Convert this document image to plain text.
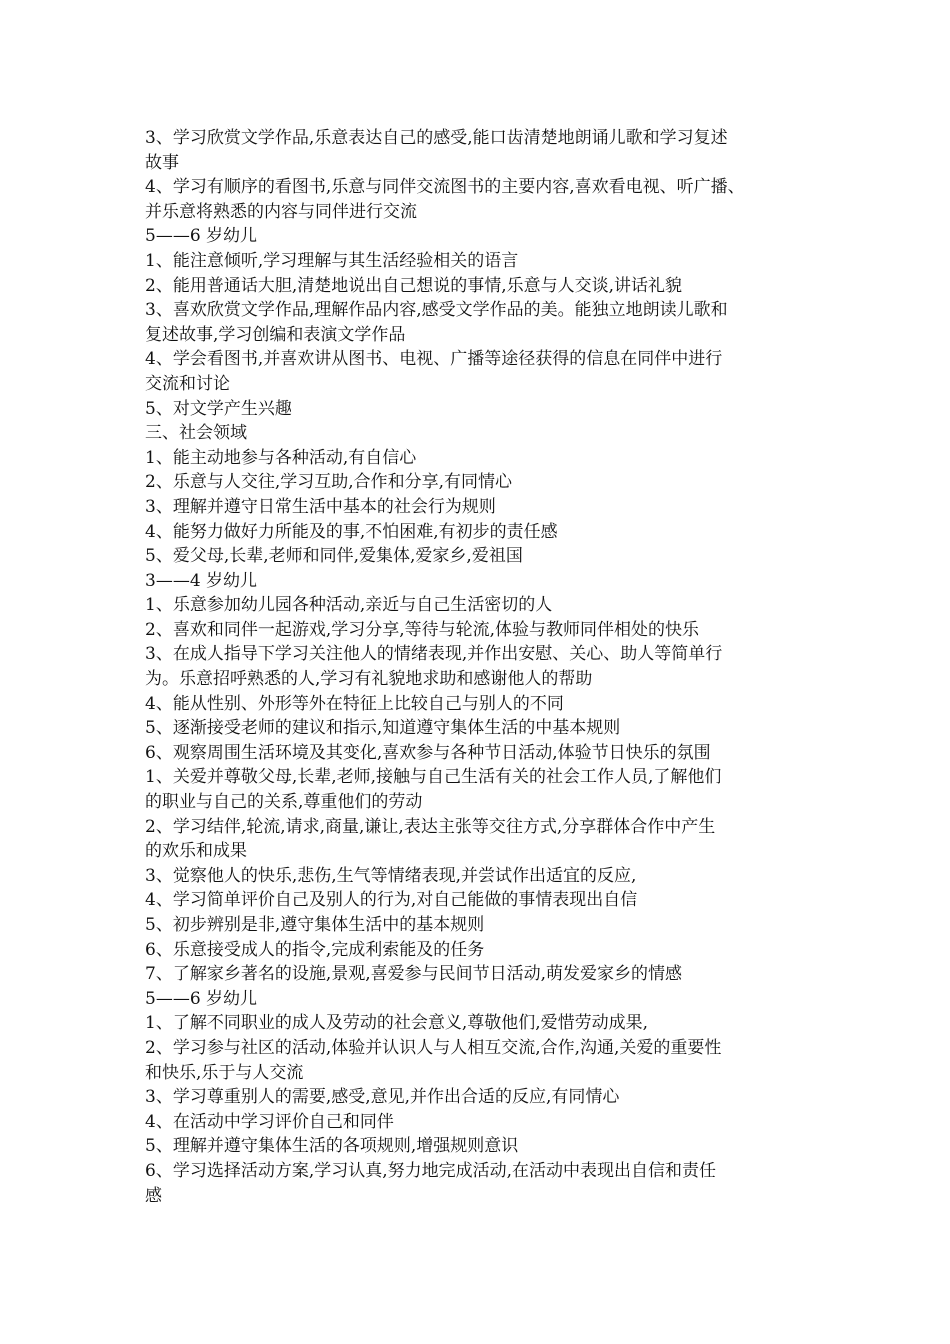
3、学习欣赏文学作品,乐意表达自己的感受,能口齿清楚地朗诵儿歌和学习复述
故事
4、学习有顺序的看图书,乐意与同伴交流图书的主要内容,喜欢看电视、听广播、
并乐意将熟悉的内容与同伴进行交流
5——6 岁幼儿
1、能注意倾听,学习理解与其生活经验相关的语言
2、能用普通话大胆,清楚地说出自己想说的事情,乐意与人交谈,讲话礼貌
3、喜欢欣赏文学作品,理解作品内容,感受文学作品的美。能独立地朗读儿歌和
复述故事,学习创编和表演文学作品
4、学会看图书,并喜欢讲从图书、电视、广播等途径获得的信息在同伴中进行
交流和讨论
5、对文学产生兴趣
三、社会领域
1、能主动地参与各种活动,有自信心
2、乐意与人交往,学习互助,合作和分享,有同情心
3、理解并遵守日常生活中基本的社会行为规则
4、能努力做好力所能及的事,不怕困难,有初步的责任感
5、爱父母,长辈,老师和同伴,爱集体,爱家乡,爱祖国
3——4 岁幼儿
1、乐意参加幼儿园各种活动,亲近与自己生活密切的人
2、喜欢和同伴一起游戏,学习分享,等待与轮流,体验与教师同伴相处的快乐
3、在成人指导下学习关注他人的情绪表现,并作出安慰、关心、助人等简单行
为。乐意招呼熟悉的人,学习有礼貌地求助和感谢他人的帮助
4、能从性别、外形等外在特征上比较自己与别人的不同
5、逐渐接受老师的建议和指示,知道遵守集体生活的中基本规则
6、观察周围生活环境及其变化,喜欢参与各种节日活动,体验节日快乐的氛围
1、关爱并尊敬父母,长辈,老师,接触与自己生活有关的社会工作人员,了解他们
的职业与自己的关系,尊重他们的劳动
2、学习结伴,轮流,请求,商量,谦让,表达主张等交往方式,分享群体合作中产生
的欢乐和成果
3、觉察他人的快乐,悲伤,生气等情绪表现,并尝试作出适宜的反应,
4、学习简单评价自己及别人的行为,对自己能做的事情表现出自信
5、初步辨别是非,遵守集体生活中的基本规则
6、乐意接受成人的指令,完成利索能及的任务
7、了解家乡著名的设施,景观,喜爱参与民间节日活动,萌发爱家乡的情感
5——6 岁幼儿
1、了解不同职业的成人及劳动的社会意义,尊敬他们,爱惜劳动成果,
2、学习参与社区的活动,体验并认识人与人相互交流,合作,沟通,关爱的重要性
和快乐,乐于与人交流
3、学习尊重别人的需要,感受,意见,并作出合适的反应,有同情心
4、在活动中学习评价自己和同伴
5、理解并遵守集体生活的各项规则,增强规则意识
6、学习选择活动方案,学习认真,努力地完成活动,在活动中表现出自信和责任
感
